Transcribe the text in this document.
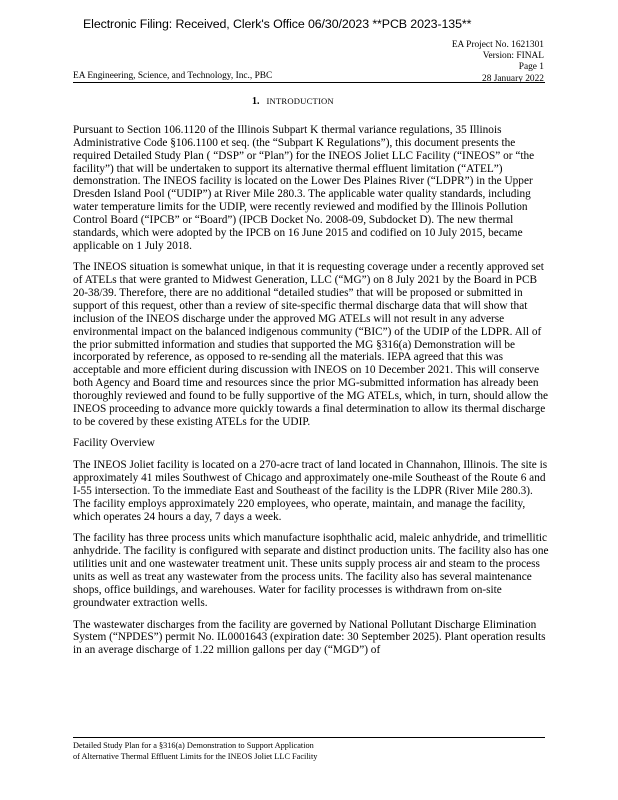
Electronic Filing: Received, Clerk's Office 06/30/2023 **PCB 2023-135**
EA Project No. 1621301
Version: FINAL
Page 1
28 January 2022
EA Engineering, Science, and Technology, Inc., PBC
1. INTRODUCTION

Pursuant to Section 106.1120 of the Illinois Subpart K thermal variance regulations, 35 Illinois Administrative Code §106.1100 et seq. (the “Subpart K Regulations”), this document presents the required Detailed Study Plan ( “DSP” or “Plan”) for the INEOS Joliet LLC Facility (“INEOS” or “the facility”) that will be undertaken to support its alternative thermal effluent limitation (“ATEL”) demonstration. The INEOS facility is located on the Lower Des Plaines River (“LDPR”) in the Upper Dresden Island Pool (“UDIP”) at River Mile 280.3. The applicable water quality standards, including water temperature limits for the UDIP, were recently reviewed and modified by the Illinois Pollution Control Board (“IPCB” or “Board”) (IPCB Docket No. 2008-09, Subdocket D). The new thermal standards, which were adopted by the IPCB on 16 June 2015 and codified on 10 July 2015, became applicable on 1 July 2018.

The INEOS situation is somewhat unique, in that it is requesting coverage under a recently approved set of ATELs that were granted to Midwest Generation, LLC (“MG”) on 8 July 2021 by the Board in PCB 20-38/39. Therefore, there are no additional “detailed studies” that will be proposed or submitted in support of this request, other than a review of site-specific thermal discharge data that will show that inclusion of the INEOS discharge under the approved MG ATELs will not result in any adverse environmental impact on the balanced indigenous community (“BIC”) of the UDIP of the LDPR. All of the prior submitted information and studies that supported the MG §316(a) Demonstration will be incorporated by reference, as opposed to re-sending all the materials. IEPA agreed that this was acceptable and more efficient during discussion with INEOS on 10 December 2021. This will conserve both Agency and Board time and resources since the prior MG-submitted information has already been thoroughly reviewed and found to be fully supportive of the MG ATELs, which, in turn, should allow the INEOS proceeding to advance more quickly towards a final determination to allow its thermal discharge to be covered by these existing ATELs for the UDIP.

Facility Overview

The INEOS Joliet facility is located on a 270-acre tract of land located in Channahon, Illinois. The site is approximately 41 miles Southwest of Chicago and approximately one-mile Southeast of the Route 6 and I-55 intersection. To the immediate East and Southeast of the facility is the LDPR (River Mile 280.3). The facility employs approximately 220 employees, who operate, maintain, and manage the facility, which operates 24 hours a day, 7 days a week.

The facility has three process units which manufacture isophthalic acid, maleic anhydride, and trimellitic anhydride. The facility is configured with separate and distinct production units. The facility also has one utilities unit and one wastewater treatment unit. These units supply process air and steam to the process units as well as treat any wastewater from the process units. The facility also has several maintenance shops, office buildings, and warehouses. Water for facility processes is withdrawn from on-site groundwater extraction wells.

The wastewater discharges from the facility are governed by National Pollutant Discharge Elimination System (“NPDES”) permit No. IL0001643 (expiration date: 30 September 2025). Plant operation results in an average discharge of 1.22 million gallons per day (“MGD”) of

Detailed Study Plan for a §316(a) Demonstration to Support Application
of Alternative Thermal Effluent Limits for the INEOS Joliet LLC Facility
